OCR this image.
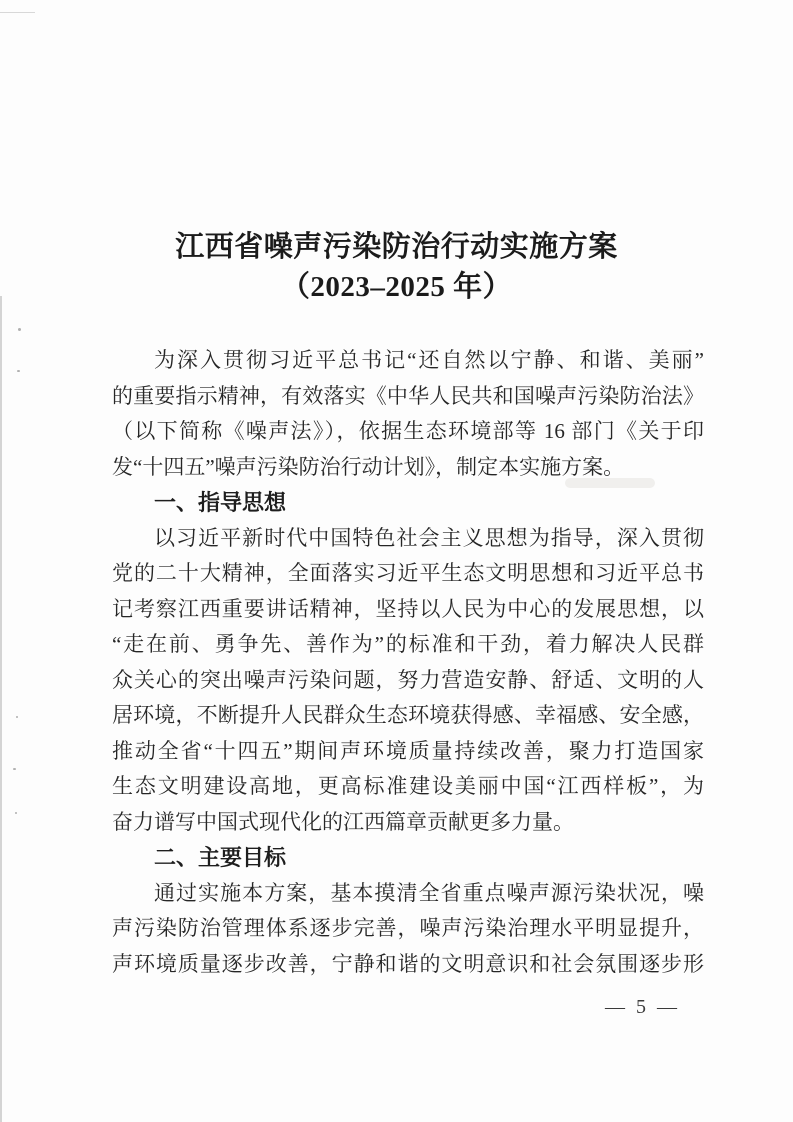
江西省噪声污染防治行动实施方案
（2023–2025 年）
为深入贯彻习近平总书记“还自然以宁静、和谐、美丽”
的重要指示精神，有效落实《中华人民共和国噪声污染防治法》
（以下简称《噪声法》），依据生态环境部等 16 部门《关于印
发“十四五”噪声污染防治行动计划》，制定本实施方案。
一、指导思想
以习近平新时代中国特色社会主义思想为指导，深入贯彻
党的二十大精神，全面落实习近平生态文明思想和习近平总书
记考察江西重要讲话精神，坚持以人民为中心的发展思想，以
“走在前、勇争先、善作为”的标准和干劲，着力解决人民群
众关心的突出噪声污染问题，努力营造安静、舒适、文明的人
居环境，不断提升人民群众生态环境获得感、幸福感、安全感，
推动全省“十四五”期间声环境质量持续改善，聚力打造国家
生态文明建设高地，更高标准建设美丽中国“江西样板”，为
奋力谱写中国式现代化的江西篇章贡献更多力量。
二、主要目标
通过实施本方案，基本摸清全省重点噪声源污染状况，噪
声污染防治管理体系逐步完善，噪声污染治理水平明显提升，
声环境质量逐步改善，宁静和谐的文明意识和社会氛围逐步形
— 5 —
